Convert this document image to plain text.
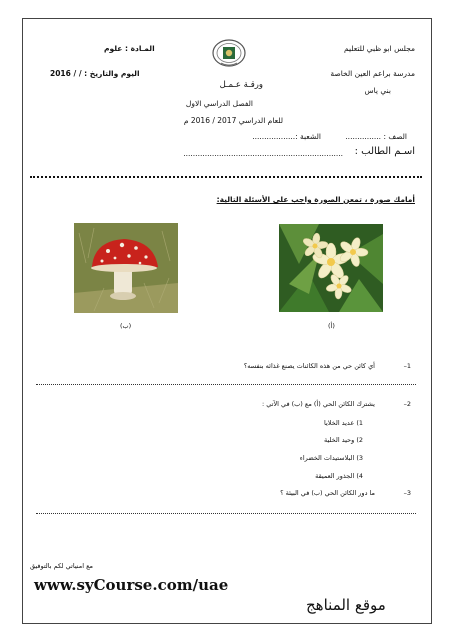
مجلس ابو ظبي للتعليم
مدرسة براعم العين الخاصة
بني ياس
ورقـة عـمـل
الفصل الدراسي الاول
للعام الدراسي 2017 / 2016 م
المـادة : علوم
اليوم والتاريخ : / / 2016
الصف : ...............
الشعبة :..................
اسـم الطالب :
...................................................................
أمامك صورة ، تمعن الصورة واجب على الأسئلة التالية:
(ب)	(أ)
1–
أي كائن حي من هذه الكائنات يصنع غذائه بنفسه؟
2–
يشترك الكائن الحي (أ) مع (ب) في الآتي :
1) عديد الخلايا
2) وحيد الخلية
3) البلاستيدات الخضراء
4) الجذور العميقة
3–
ما دور الكائن الحي (ب) في البيئة ؟
مع امنياتي لكم بالتوفيق
www.syCourse.com/uae
موقع المناهج
